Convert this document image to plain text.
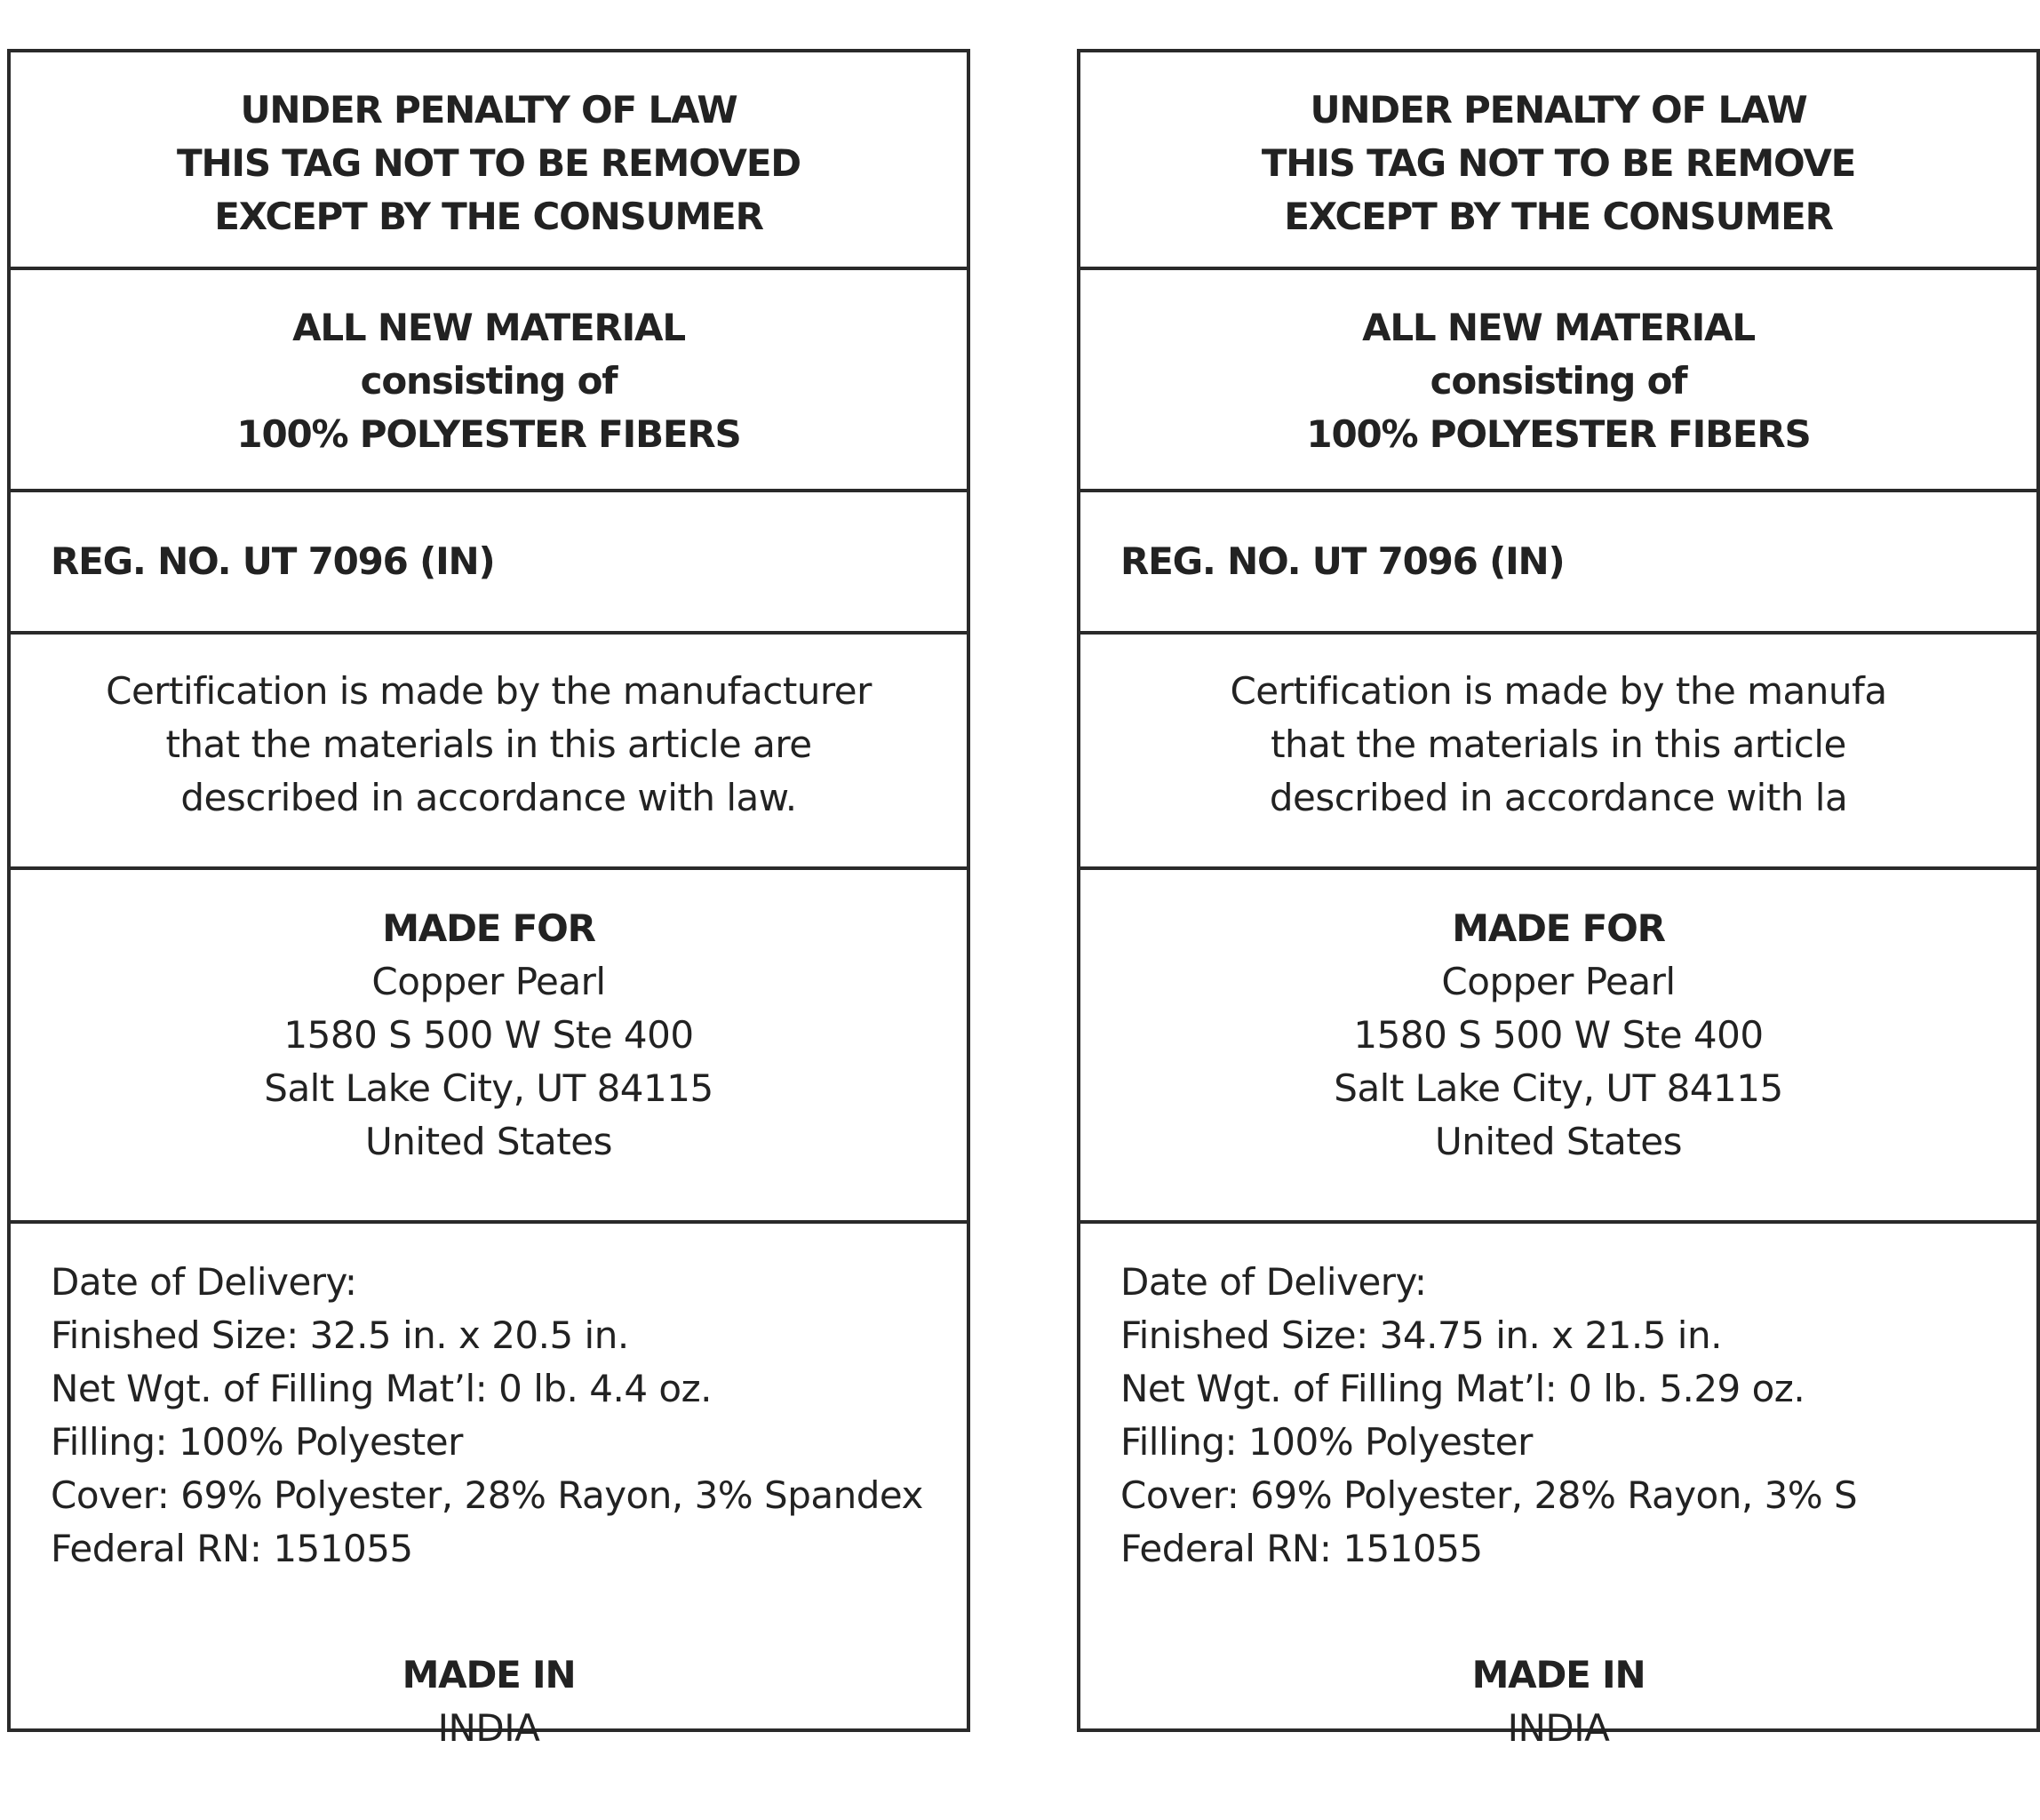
UNDER PENALTY OF LAW
THIS TAG NOT TO BE REMOVED
EXCEPT BY THE CONSUMER
ALL NEW MATERIAL
consisting of
100% POLYESTER FIBERS
REG. NO. UT 7096 (IN)
Certification is made by the manufacturer
that the materials in this article are
described in accordance with law.
MADE FOR
Copper Pearl
1580 S 500 W Ste 400
Salt Lake City, UT 84115
United States
Date of Delivery:
Finished Size: 32.5 in. x 20.5 in.
Net Wgt. of Filling Mat’l: 0 lb. 4.4 oz.
Filling: 100% Polyester
Cover: 69% Polyester, 28% Rayon, 3% Spandex
Federal RN: 151055
MADE IN
INDIA
UNDER PENALTY OF LAW
THIS TAG NOT TO BE REMOVE
EXCEPT BY THE CONSUMER
ALL NEW MATERIAL
consisting of
100% POLYESTER FIBERS
REG. NO. UT 7096 (IN)
Certification is made by the manufa
that the materials in this article
described in accordance with la
MADE FOR
Copper Pearl
1580 S 500 W Ste 400
Salt Lake City, UT 84115
United States
Date of Delivery:
Finished Size: 34.75 in. x 21.5 in.
Net Wgt. of Filling Mat’l: 0 lb. 5.29 oz.
Filling: 100% Polyester
Cover: 69% Polyester, 28% Rayon, 3% S
Federal RN: 151055
MADE IN
INDIA
